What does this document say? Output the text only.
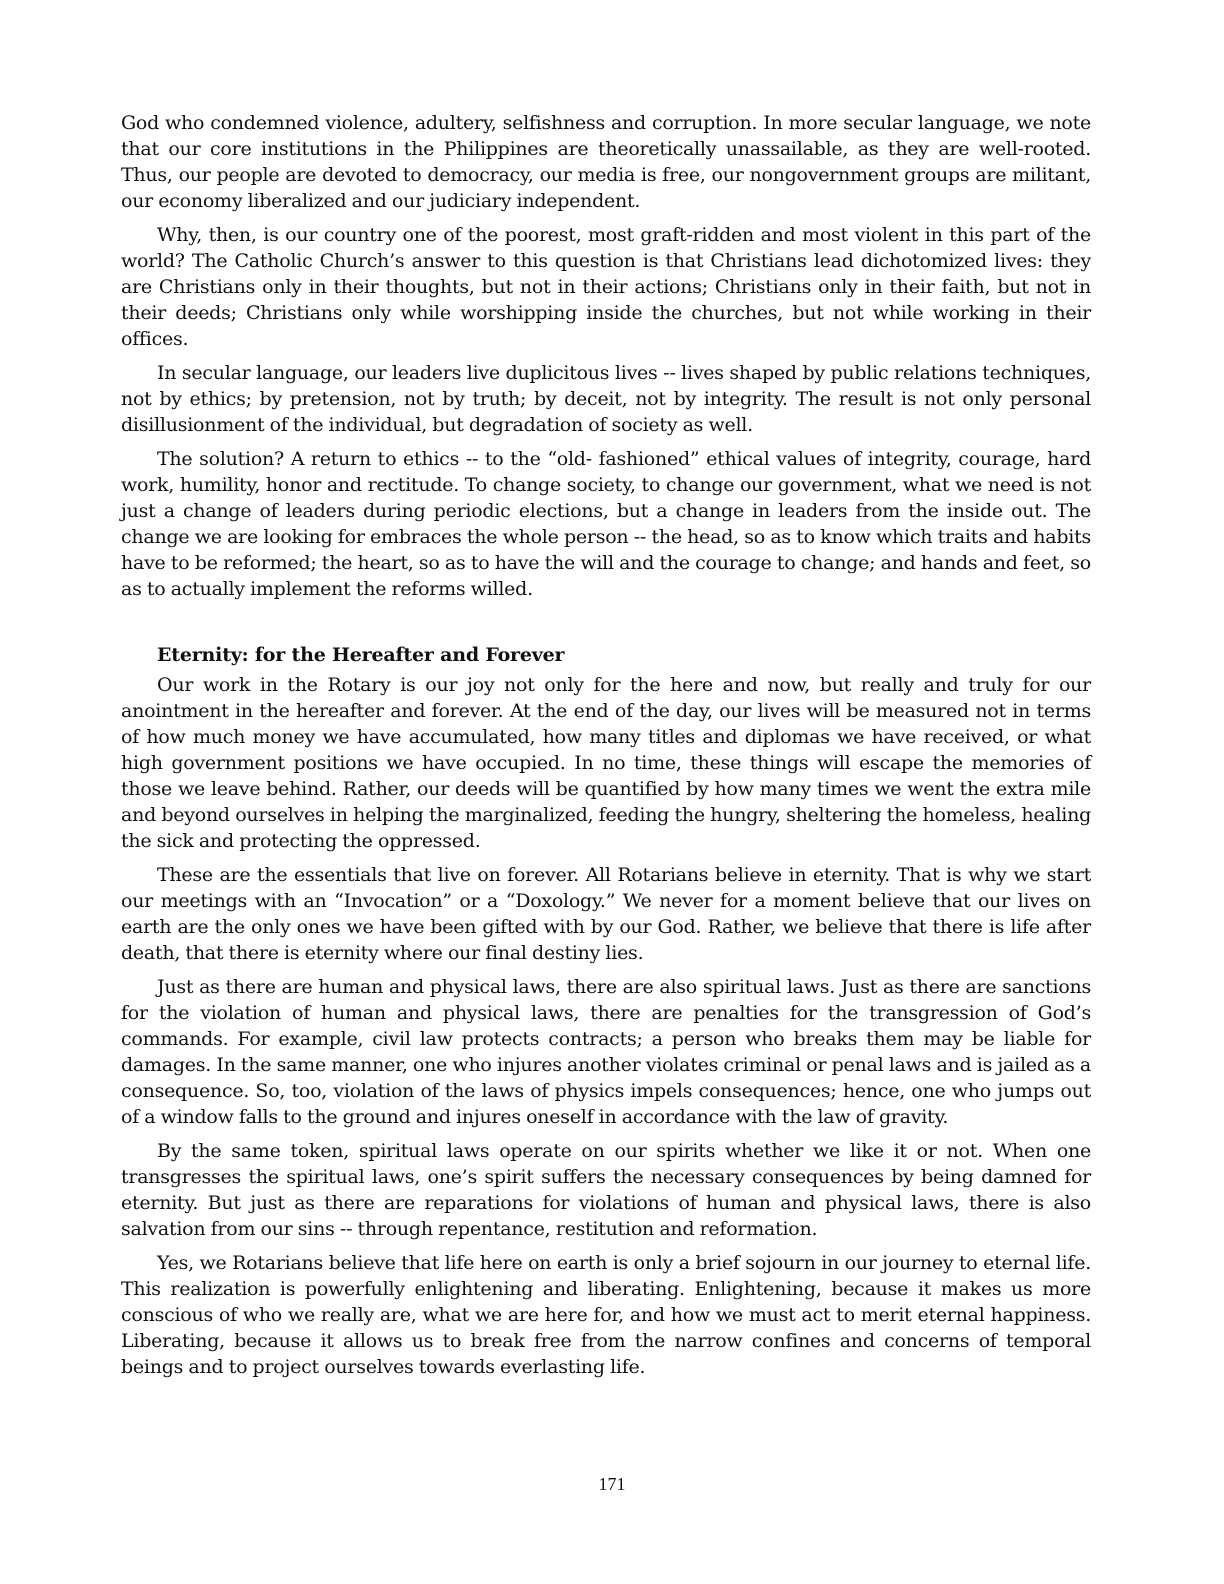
God who condemned violence, adultery, selfishness and corruption. In more secular language, we note that our core institutions in the Philippines are theoretically unassailable, as they are well-rooted. Thus, our people are devoted to democracy, our media is free, our nongovernment groups are militant, our economy liberalized and our judiciary independent.

Why, then, is our country one of the poorest, most graft-ridden and most violent in this part of the world? The Catholic Church’s answer to this question is that Christians lead dichotomized lives: they are Christians only in their thoughts, but not in their actions; Christians only in their faith, but not in their deeds; Christians only while worshipping inside the churches, but not while working in their offices.

In secular language, our leaders live duplicitous lives -- lives shaped by public relations techniques, not by ethics; by pretension, not by truth; by deceit, not by integrity. The result is not only personal disillusionment of the individual, but degradation of society as well.

The solution? A return to ethics -- to the “old- fashioned” ethical values of integrity, courage, hard work, humility, honor and rectitude. To change society, to change our government, what we need is not just a change of leaders during periodic elections, but a change in leaders from the inside out. The change we are looking for embraces the whole person -- the head, so as to know which traits and habits have to be reformed; the heart, so as to have the will and the courage to change; and hands and feet, so as to actually implement the reforms willed.

Eternity: for the Hereafter and Forever

Our work in the Rotary is our joy not only for the here and now, but really and truly for our anointment in the hereafter and forever. At the end of the day, our lives will be measured not in terms of how much money we have accumulated, how many titles and diplomas we have received, or what high government positions we have occupied. In no time, these things will escape the memories of those we leave behind. Rather, our deeds will be quantified by how many times we went the extra mile and beyond ourselves in helping the marginalized, feeding the hungry, sheltering the homeless, healing the sick and protecting the oppressed.

These are the essentials that live on forever. All Rotarians believe in eternity. That is why we start our meetings with an “Invocation” or a “Doxology.” We never for a moment believe that our lives on earth are the only ones we have been gifted with by our God. Rather, we believe that there is life after death, that there is eternity where our final destiny lies.

Just as there are human and physical laws, there are also spiritual laws. Just as there are sanctions for the violation of human and physical laws, there are penalties for the transgression of God’s commands. For example, civil law protects contracts; a person who breaks them may be liable for damages. In the same manner, one who injures another violates criminal or penal laws and is jailed as a consequence. So, too, violation of the laws of physics impels consequences; hence, one who jumps out of a window falls to the ground and injures oneself in accordance with the law of gravity.

By the same token, spiritual laws operate on our spirits whether we like it or not. When one transgresses the spiritual laws, one’s spirit suffers the necessary consequences by being damned for eternity. But just as there are reparations for violations of human and physical laws, there is also salvation from our sins -- through repentance, restitution and reformation.

Yes, we Rotarians believe that life here on earth is only a brief sojourn in our journey to eternal life. This realization is powerfully enlightening and liberating. Enlightening, because it makes us more conscious of who we really are, what we are here for, and how we must act to merit eternal happiness. Liberating, because it allows us to break free from the narrow confines and concerns of temporal beings and to project ourselves towards everlasting life.

171
